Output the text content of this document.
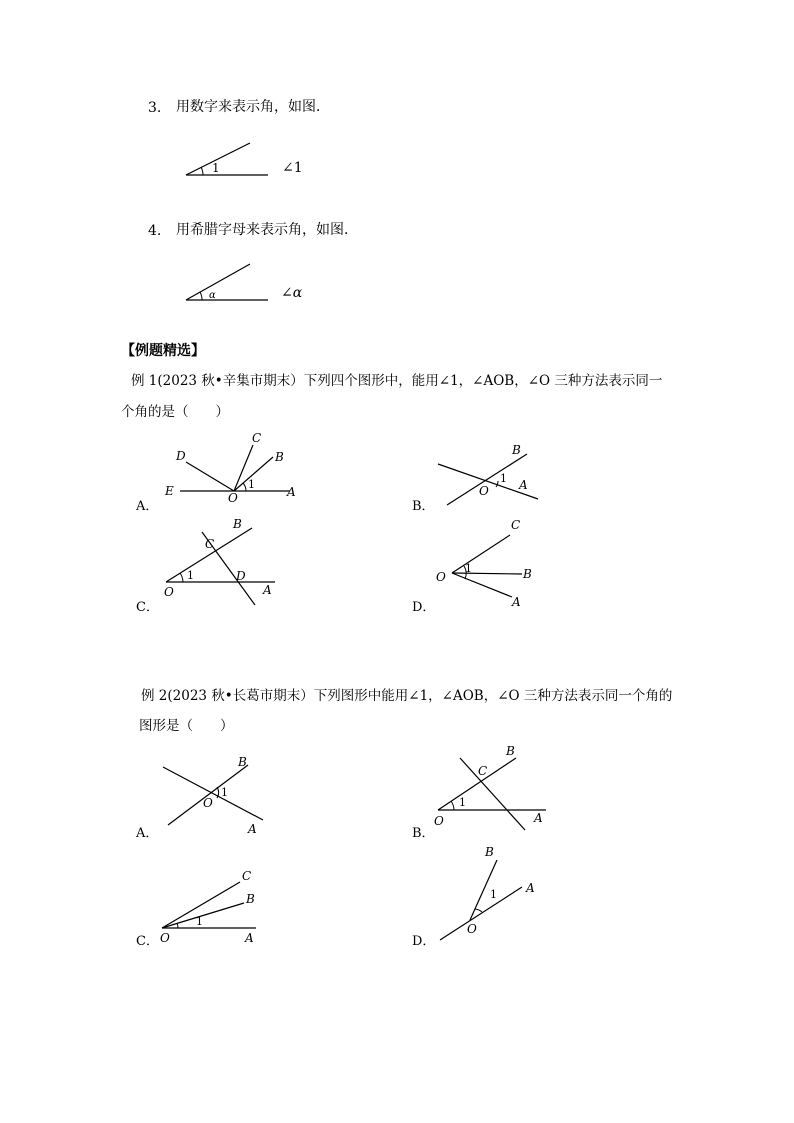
3. 用数字来表示角，如图．
1	∠1
α	∠α
4. 用希腊字母来表示角，如图．
【例题精选】
例 1(2023 秋•辛集市期末）下列四个图形中，能用∠1，∠AOB，∠O 三种方法表示同一
个角的是（　　）
A．	B．
C．	D．
D
C
B
E	O
1
A
B
O
1 A
B
C
1	D
O	A
C
O
1	B
A
例 2(2023 秋•长葛市期末）下列图形中能用∠1，∠AOB，∠O 三种方法表示同一个角的
图形是（　　）
A．	B．
C．	D．
B
O
1
A
B
C
1
O	A
C
B
1
O	A
B
1 A
O
